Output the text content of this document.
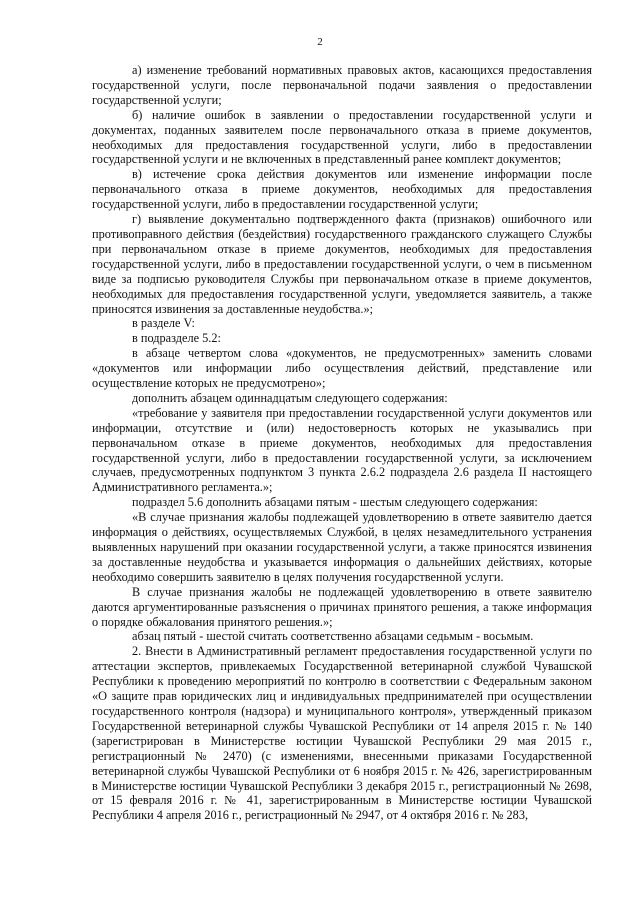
2

а) изменение требований нормативных правовых актов, касающихся предоставления государственной услуги, после первоначальной подачи заявления о предоставлении государственной услуги;

б) наличие ошибок в заявлении о предоставлении государственной услуги и документах, поданных заявителем после первоначального отказа в приеме документов, необходимых для предоставления государственной услуги, либо в предоставлении государственной услуги и не включенных в представленный ранее комплект документов;

в) истечение срока действия документов или изменение информации после первоначального отказа в приеме документов, необходимых для предоставления государственной услуги, либо в предоставлении государственной услуги;

г) выявление документально подтвержденного факта (признаков) ошибочного или противоправного действия (бездействия) государственного гражданского служащего Службы при первоначальном отказе в приеме документов, необходимых для предоставления государственной услуги, либо в предоставлении государственной услуги, о чем в письменном виде за подписью руководителя Службы при первоначальном отказе в приеме документов, необходимых для предоставления государственной услуги, уведомляется заявитель, а также приносятся извинения за доставленные неудобства.»;

в разделе V:

в подразделе 5.2:

в абзаце четвертом слова «документов, не предусмотренных» заменить словами «документов или информации либо осуществления действий, представление или осуществление которых не предусмотрено»;

дополнить абзацем одиннадцатым следующего содержания:

«требование у заявителя при предоставлении государственной услуги документов или информации, отсутствие и (или) недостоверность которых не указывались при первоначальном отказе в приеме документов, необходимых для предоставления государственной услуги, либо в предоставлении государственной услуги, за исключением случаев, предусмотренных подпунктом 3 пункта 2.6.2 подраздела 2.6 раздела II настоящего Административного регламента.»;

подраздел 5.6 дополнить абзацами пятым - шестым следующего содержания:

«В случае признания жалобы подлежащей удовлетворению в ответе заявителю дается информация о действиях, осуществляемых Службой, в целях незамедлительного устранения выявленных нарушений при оказании государственной услуги, а также приносятся извинения за доставленные неудобства и указывается информация о дальнейших действиях, которые необходимо совершить заявителю в целях получения государственной услуги.

В случае признания жалобы не подлежащей удовлетворению в ответе заявителю даются аргументированные разъяснения о причинах принятого решения, а также информация о порядке обжалования принятого решения.»;

абзац пятый - шестой считать соответственно абзацами седьмым - восьмым.

2. Внести в Административный регламент предоставления государственной услуги по аттестации экспертов, привлекаемых Государственной ветеринарной службой Чувашской Республики к проведению мероприятий по контролю в соответствии с Федеральным законом «О защите прав юридических лиц и индивидуальных предпринимателей при осуществлении государственного контроля (надзора) и муниципального контроля», утвержденный приказом Государственной ветеринарной службы Чувашской Республики от 14 апреля 2015 г. № 140 (зарегистрирован в Министерстве юстиции Чувашской Республики 29 мая 2015 г., регистрационный № 2470) (с изменениями, внесенными приказами Государственной ветеринарной службы Чувашской Республики от 6 ноября 2015 г. № 426, зарегистрированным в Министерстве юстиции Чувашской Республики 3 декабря 2015 г., регистрационный № 2698, от 15 февраля 2016 г. № 41, зарегистрированным в Министерстве юстиции Чувашской Республики 4 апреля 2016 г., регистрационный № 2947, от 4 октября 2016 г. № 283,
